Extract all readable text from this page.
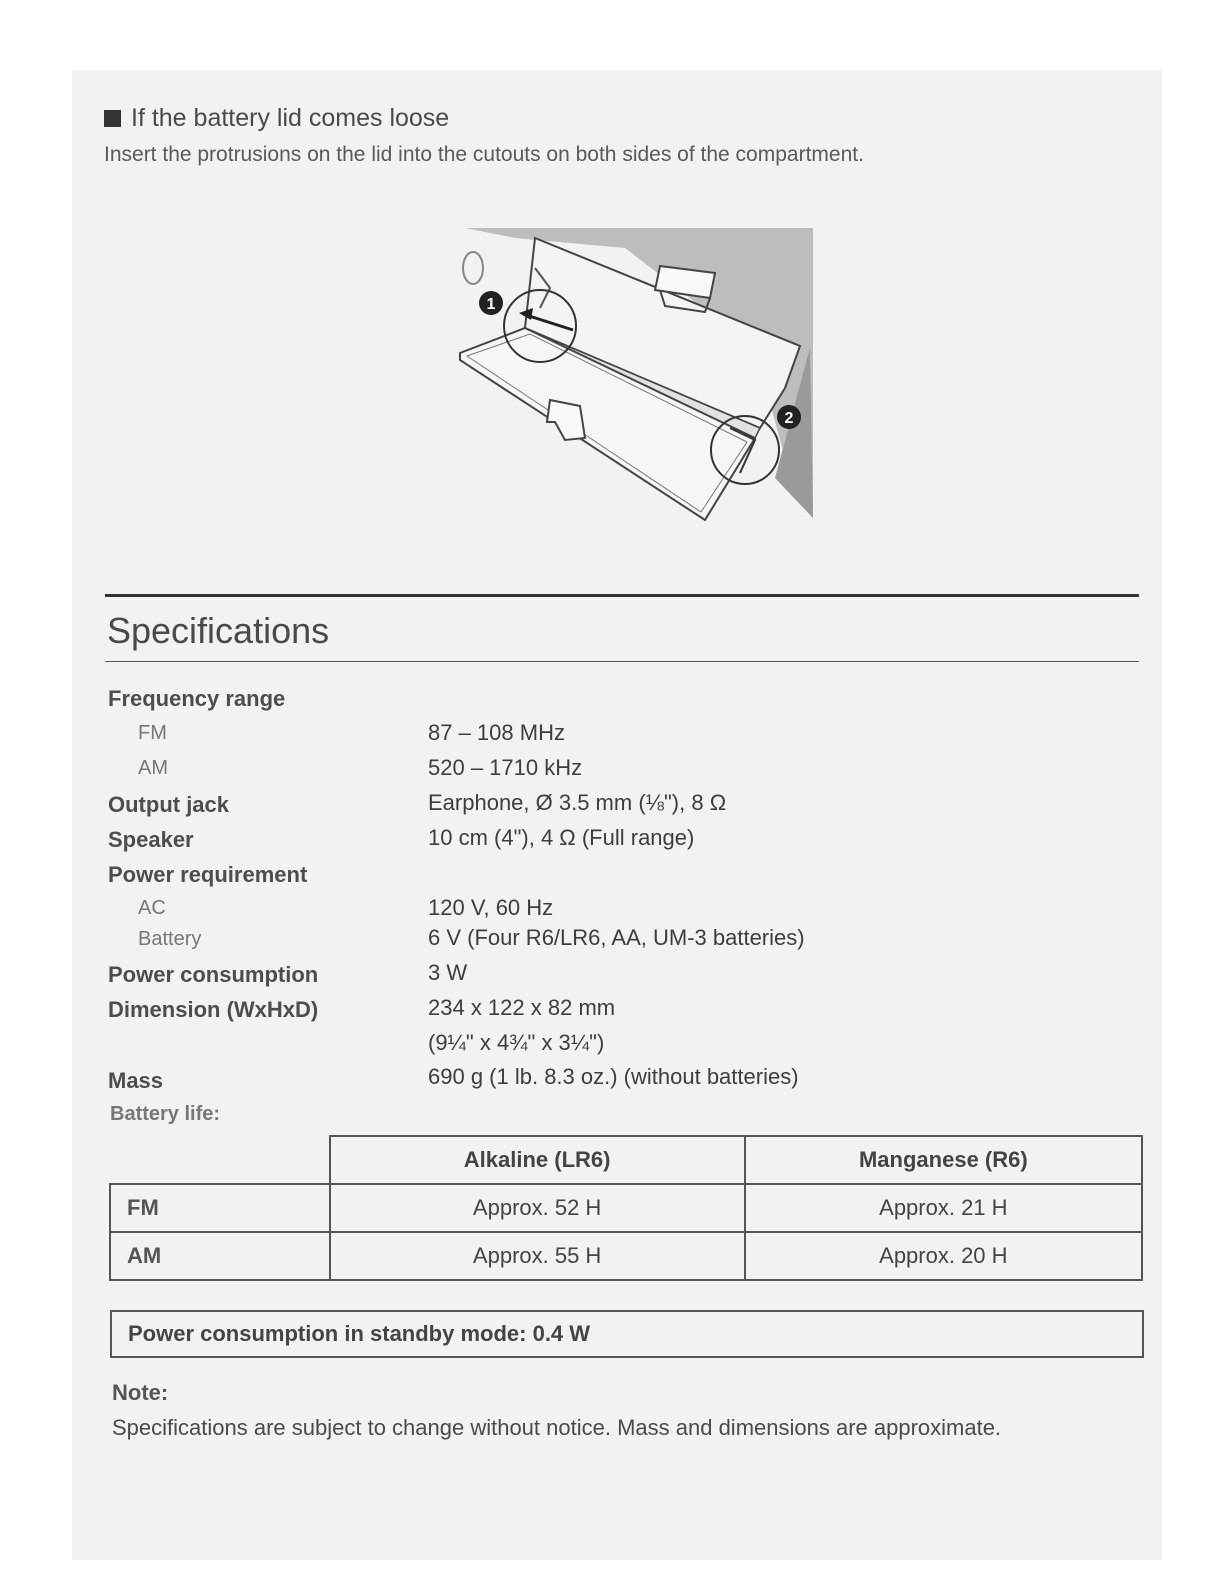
If the battery lid comes loose
Insert the protrusions on the lid into the cutouts on both sides of the compartment.
1
2
Specifications
Frequency range
FM	87 – 108 MHz
AM	520 – 1710 kHz
Output jack	Earphone, Ø 3.5 mm (⅛"), 8 Ω
Speaker	10 cm (4"), 4 Ω (Full range)
Power requirement
AC	120 V, 60 Hz
Battery	6 V (Four R6/LR6, AA, UM-3 batteries)
Power consumption	3 W
Dimension (WxHxD)	234 x 122 x 82 mm
(9¼" x 4¾" x 3¼")
Mass	690 g (1 lb. 8.3 oz.) (without batteries)
Battery life:
	Alkaline (LR6)	Manganese (R6)
FM	Approx. 52 H	Approx. 21 H
AM	Approx. 55 H	Approx. 20 H
Power consumption in standby mode: 0.4 W
Note:
Specifications are subject to change without notice. Mass and dimensions are approximate.
